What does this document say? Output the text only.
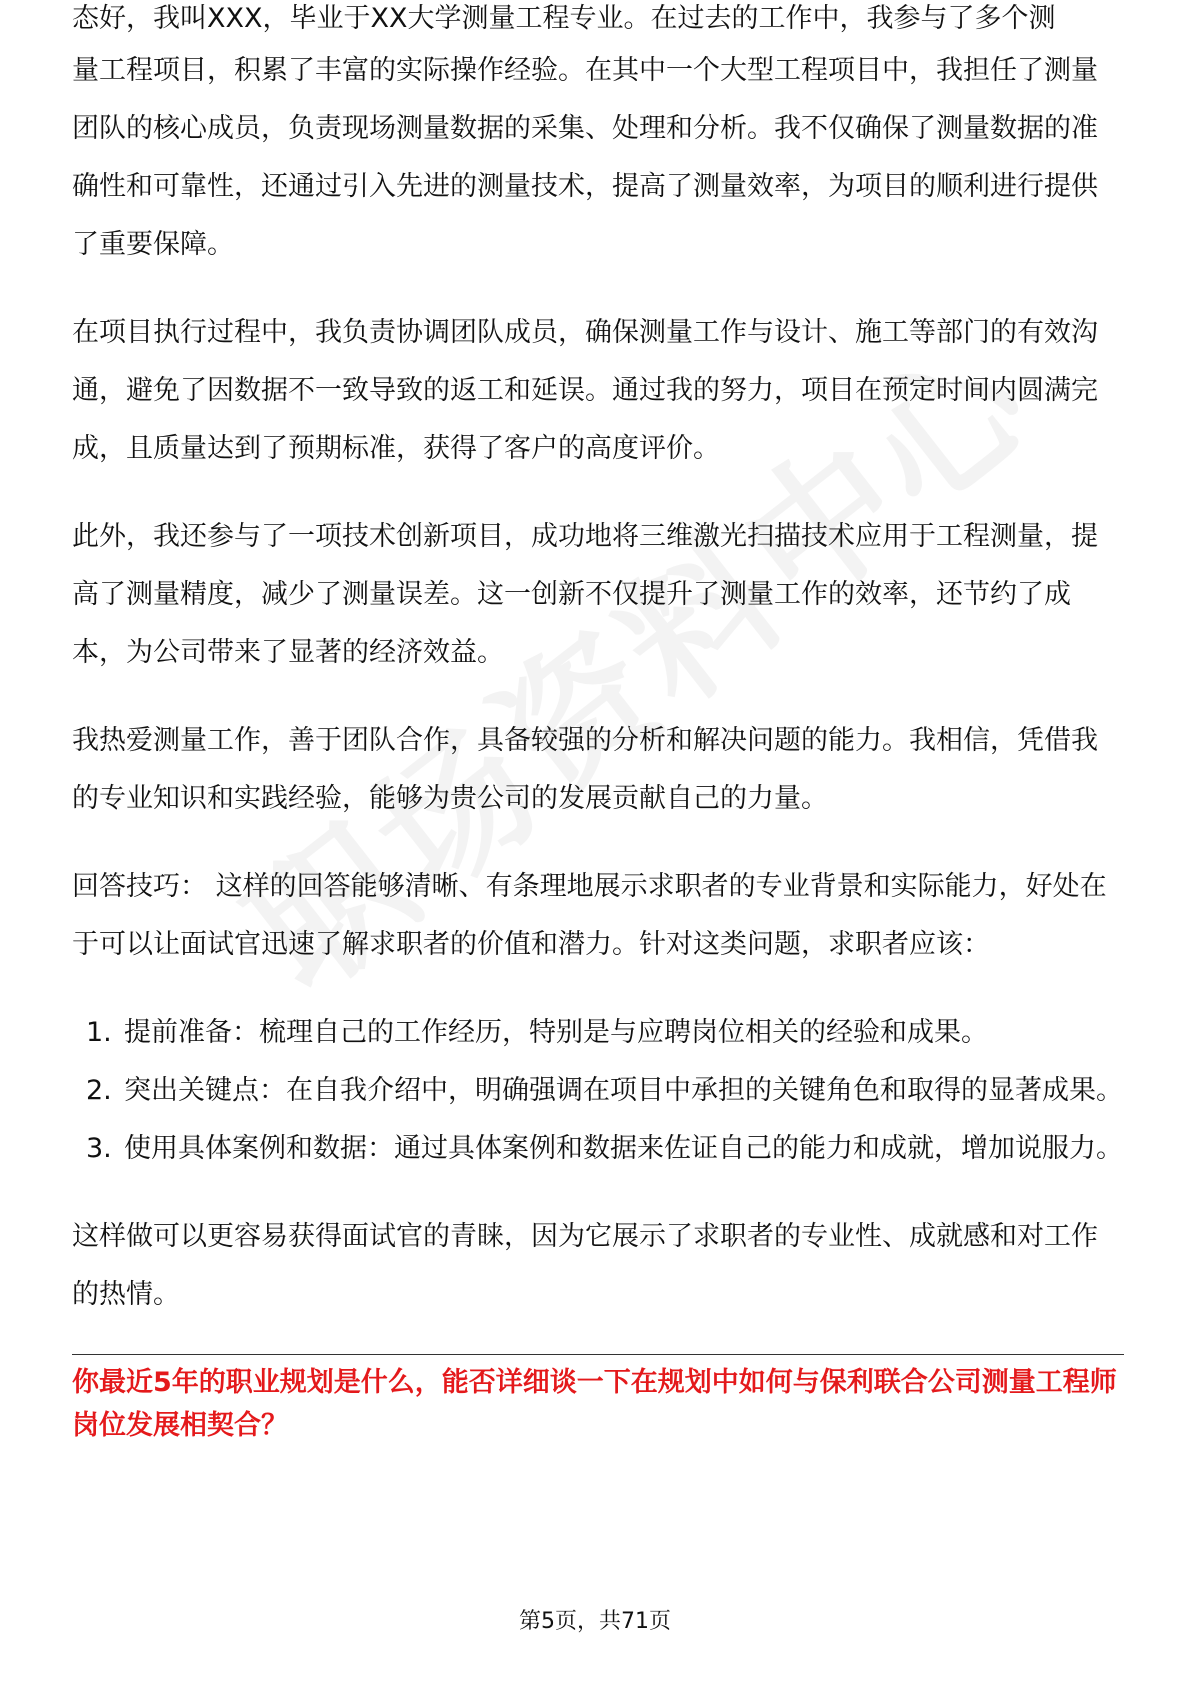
态好，我叫XXX，毕业于XX大学测量工程专业。在过去的工作中，我参与了多个测

量工程项目，积累了丰富的实际操作经验。在其中一个大型工程项目中，我担任了测量团队的核心成员，负责现场测量数据的采集、处理和分析。我不仅确保了测量数据的准确性和可靠性，还通过引入先进的测量技术，提高了测量效率，为项目的顺利进行提供了重要保障。

在项目执行过程中，我负责协调团队成员，确保测量工作与设计、施工等部门的有效沟通，避免了因数据不一致导致的返工和延误。通过我的努力，项目在预定时间内圆满完成，且质量达到了预期标准，获得了客户的高度评价。

此外，我还参与了一项技术创新项目，成功地将三维激光扫描技术应用于工程测量，提高了测量精度，减少了测量误差。这一创新不仅提升了测量工作的效率，还节约了成本，为公司带来了显著的经济效益。

我热爱测量工作，善于团队合作，具备较强的分析和解决问题的能力。我相信，凭借我的专业知识和实践经验，能够为贵公司的发展贡献自己的力量。

回答技巧： 这样的回答能够清晰、有条理地展示求职者的专业背景和实际能力，好处在于可以让面试官迅速了解求职者的价值和潜力。针对这类问题，求职者应该：

1. 提前准备：梳理自己的工作经历，特别是与应聘岗位相关的经验和成果。
2. 突出关键点：在自我介绍中，明确强调在项目中承担的关键角色和取得的显著成果。
3. 使用具体案例和数据：通过具体案例和数据来佐证自己的能力和成就，增加说服力。

这样做可以更容易获得面试官的青睐，因为它展示了求职者的专业性、成就感和对工作的热情。

你最近5年的职业规划是什么，能否详细谈一下在规划中如何与保利联合公司测量工程师岗位发展相契合？

第5页，共71页
